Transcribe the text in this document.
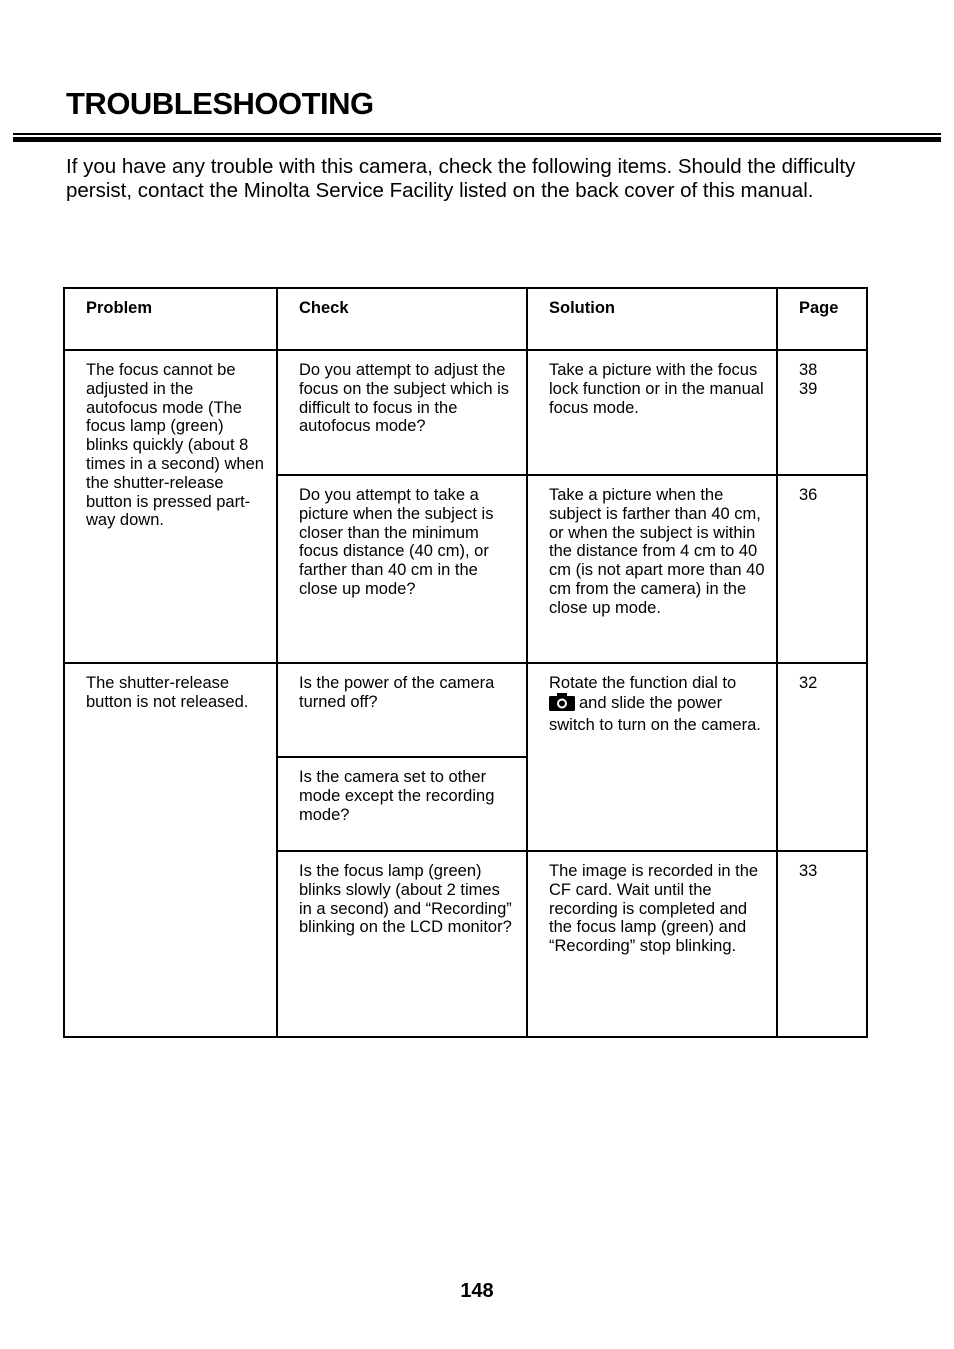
TROUBLESHOOTING

If you have any trouble with this camera, check the following items. Should the difficulty persist, contact the Minolta Service Facility listed on the back cover of this manual.

Problem	Check	Solution	Page
The focus cannot be adjusted in the autofocus mode (The focus lamp (green) blinks quickly (about 8 times in a second) when the shutter-release button is pressed part-way down.	Do you attempt to adjust the focus on the subject which is difficult to focus in the autofocus mode?	Take a picture with the focus lock function or in the manual focus mode.	38
39

	Do you attempt to take a picture when the subject is closer than the minimum focus distance (40 cm), or farther than 40 cm in the close up mode?	Take a picture when the subject is farther than 40 cm, or when the subject is within the distance from 4 cm to 40 cm (is not apart more than 40 cm from the camera) in the close up mode.	36

The shutter-release button is not released.	Is the power of the camera turned off?	Rotate the function dial to
and slide the power switch to turn on the camera.	32

	Is the camera set to other mode except the recording mode?		
	Is the focus lamp (green) blinks slowly (about 2 times in a second) and “Recording” blinking on the LCD monitor?	The image is recorded in the CF card. Wait until the recording is completed and the focus lamp (green) and “Recording” stop blinking.	33

148
